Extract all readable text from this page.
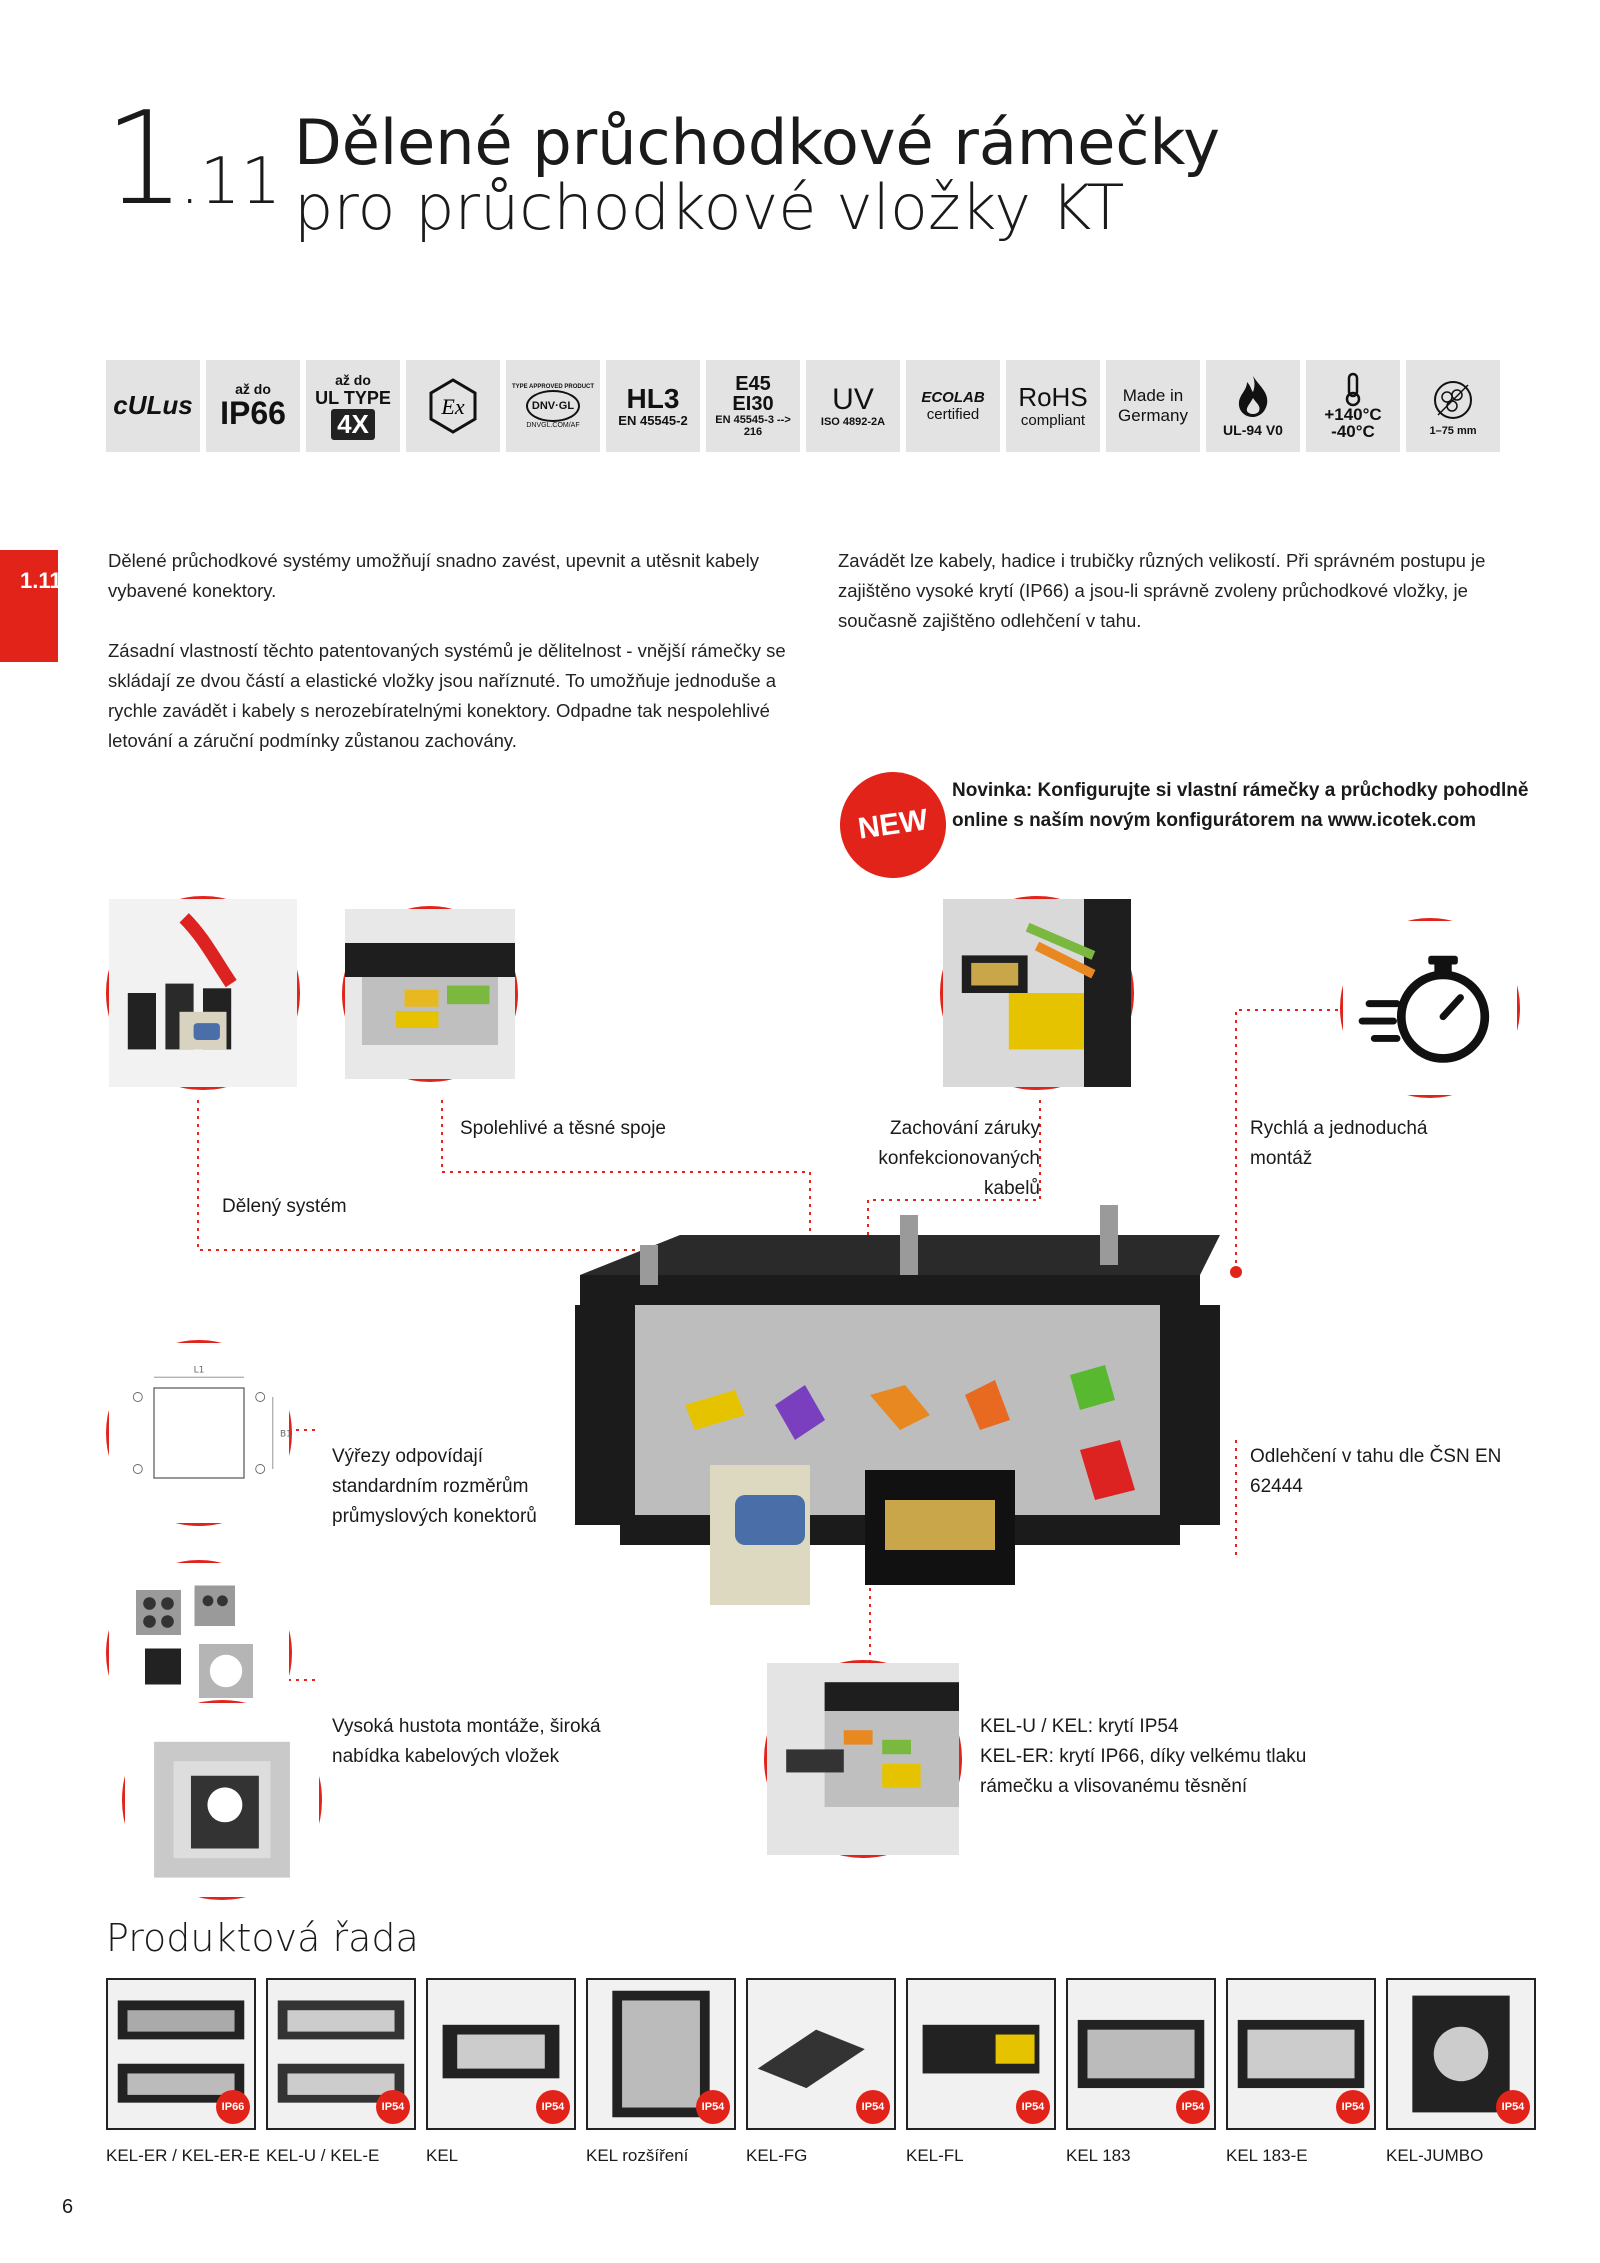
1.11
Dělené průchodkové rámečky
pro průchodkové vložky KT
cULus
až do
IP66
až do
UL TYPE
4X
Ex
TYPE APPROVED PRODUCT
DNV·GL
DNVGL.COM/AF
HL3
EN 45545-2
E45
EI30
EN 45545-3 --> 216
UV
ISO 4892-2A
ECOLAB
certified
RoHS
compliant
Made in
Germany
UL-94 V0
+140°C
-40°C	1–75 mm
1.11

Dělené průchodkové systémy umožňují snadno zavést, upevnit a utěsnit kabely vybavené konektory.

Zásadní vlastností těchto patentovaných systémů je dělitelnost - vnější rámečky se skládají ze dvou částí a elastické vložky jsou naříznuté. To umožňuje jednoduše a rychle zavádět i kabely s nerozebíratelnými konektory. Odpadne tak nespolehlivé letování a záruční podmínky zůstanou zachovány.

Zavádět lze kabely, hadice i trubičky různých velikostí. Při správném postupu je zajištěno vysoké krytí (IP66) a jsou-li správně zvoleny průchodkové vložky, je současně zajištěno odlehčení v tahu.

NEW
Novinka: Konfigurujte si vlastní rámečky a průchodky pohodlně online s naším novým konfigurátorem na www.icotek.com
L1
B1
Dělený systém
Spolehlivé a těsné spoje	Zachování záruky konfekcionovaných kabelů
Rychlá a jednoduchá montáž
Výřezy odpovídají standardním rozměrům průmyslových konektorů
Odlehčení v tahu dle ČSN EN 62444
Vysoká hustota montáže, široká nabídka kabelových vložek
KEL-U / KEL: krytí IP54
KEL-ER: krytí IP66, díky velkému tlaku rámečku a vlisovanému těsnění
Produktová řada
IP66
KEL-ER / KEL-ER-E
IP54
KEL-U / KEL-E
IP54
KEL
IP54
KEL rozšíření
IP54
KEL-FG
IP54
KEL-FL
IP54
KEL 183
IP54
KEL 183-E
IP54
KEL-JUMBO
6
